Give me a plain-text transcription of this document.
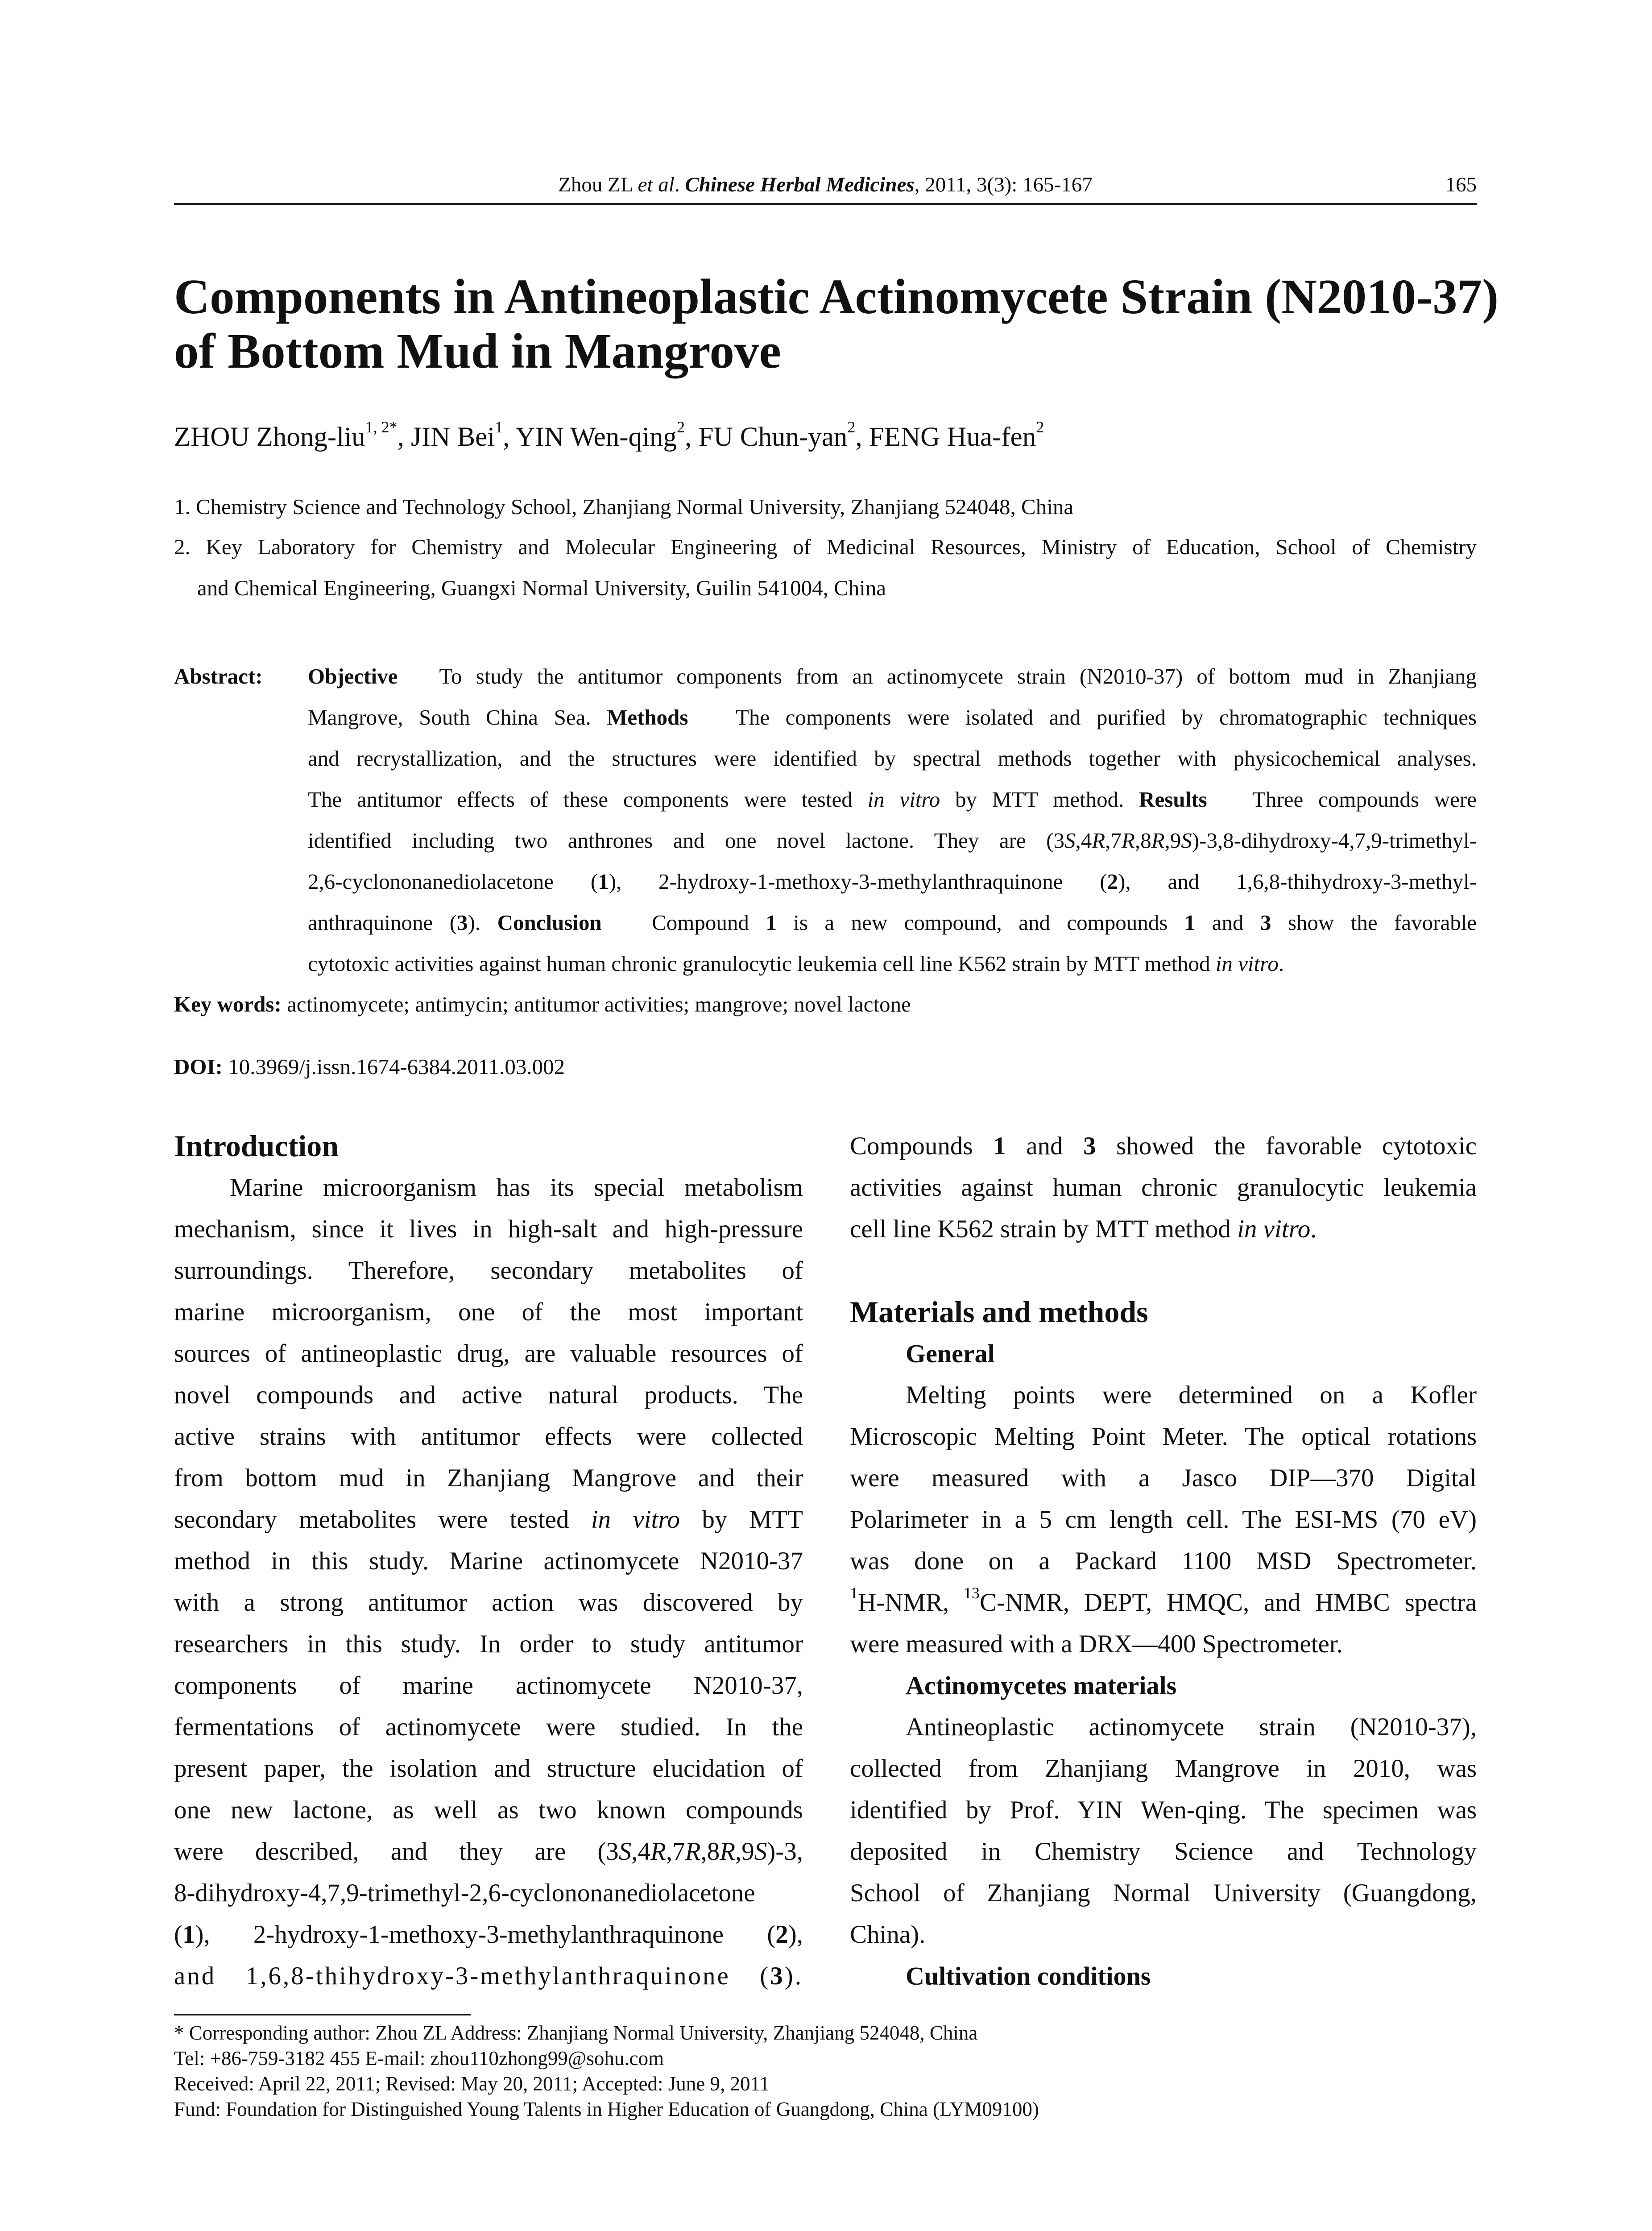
Zhou ZL et al. Chinese Herbal Medicines, 2011, 3(3): 165-167	165
Components in Antineoplastic Actinomycete Strain (N2010-37)
of Bottom Mud in Mangrove
ZHOU Zhong-liu$^{1, 2*}$, JIN Bei$^1$, YIN Wen-qing$^2$, FU Chun-yan$^2$, FENG Hua-fen$^2$
1. Chemistry Science and Technology School, Zhanjiang Normal University, Zhanjiang 524048, China
2. Key Laboratory for Chemistry and Molecular Engineering of Medicinal Resources, Ministry of Education, School of Chemistry
and Chemical Engineering, Guangxi Normal University, Guilin 541004, China
Abstract: Objective To study the antitumor components from an actinomycete strain (N2010-37) of bottom mud in Zhanjiang
Mangrove, South China Sea. Methods The components were isolated and purified by chromatographic techniques
and recrystallization, and the structures were identified by spectral methods together with physicochemical analyses.
The antitumor effects of these components were tested in vitro by MTT method. Results Three compounds were
identified including two anthrones and one novel lactone. They are (3S,4R,7R,8R,9S)-3,8-dihydroxy-4,7,9-trimethyl-
2,6-cyclononanediolacetone (1), 2-hydroxy-1-methoxy-3-methylanthraquinone (2), and 1,6,8-thihydroxy-3-methyl-
anthraquinone (3). Conclusion Compound 1 is a new compound, and compounds 1 and 3 show the favorable
cytotoxic activities against human chronic granulocytic leukemia cell line K562 strain by MTT method in vitro.
Key words: actinomycete; antimycin; antitumor activities; mangrove; novel lactone
DOI: 10.3969/j.issn.1674-6384.2011.03.002
Introduction
Marine microorganism has its special metabolism
mechanism, since it lives in high-salt and high-pressure
surroundings. Therefore, secondary metabolites of
marine microorganism, one of the most important
sources of antineoplastic drug, are valuable resources of
novel compounds and active natural products. The
active strains with antitumor effects were collected
from bottom mud in Zhanjiang Mangrove and their
secondary metabolites were tested in vitro by MTT
method in this study. Marine actinomycete N2010-37
with a strong antitumor action was discovered by
researchers in this study. In order to study antitumor
components of marine actinomycete N2010-37,
fermentations of actinomycete were studied. In the
present paper, the isolation and structure elucidation of
one new lactone, as well as two known compounds
were described, and they are (3S,4R,7R,8R,9S)-3,
8-dihydroxy-4,7,9-trimethyl-2,6-cyclononanediolacetone
(1), 2-hydroxy-1-methoxy-3-methylanthraquinone (2),
and 1,6,8-thihydroxy-3-methylanthraquinone (3).
Compounds 1 and 3 showed the favorable cytotoxic
activities against human chronic granulocytic leukemia
cell line K562 strain by MTT method in vitro.
Materials and methods
General
Melting points were determined on a Kofler
Microscopic Melting Point Meter. The optical rotations
were measured with a Jasco DIP—370 Digital
Polarimeter in a 5 cm length cell. The ESI-MS (70 eV)
was done on a Packard 1100 MSD Spectrometer.
$^1$H-NMR, $^{13}$C-NMR, DEPT, HMQC, and HMBC spectra
were measured with a DRX—400 Spectrometer.
Actinomycetes materials
Antineoplastic actinomycete strain (N2010-37),
collected from Zhanjiang Mangrove in 2010, was
identified by Prof. YIN Wen-qing. The specimen was
deposited in Chemistry Science and Technology
School of Zhanjiang Normal University (Guangdong,
China).
Cultivation conditions
* Corresponding author: Zhou ZL Address: Zhanjiang Normal University, Zhanjiang 524048, China
Tel: +86-759-3182 455 E-mail: zhou110zhong99@sohu.com
Received: April 22, 2011; Revised: May 20, 2011; Accepted: June 9, 2011
Fund: Foundation for Distinguished Young Talents in Higher Education of Guangdong, China (LYM09100)
